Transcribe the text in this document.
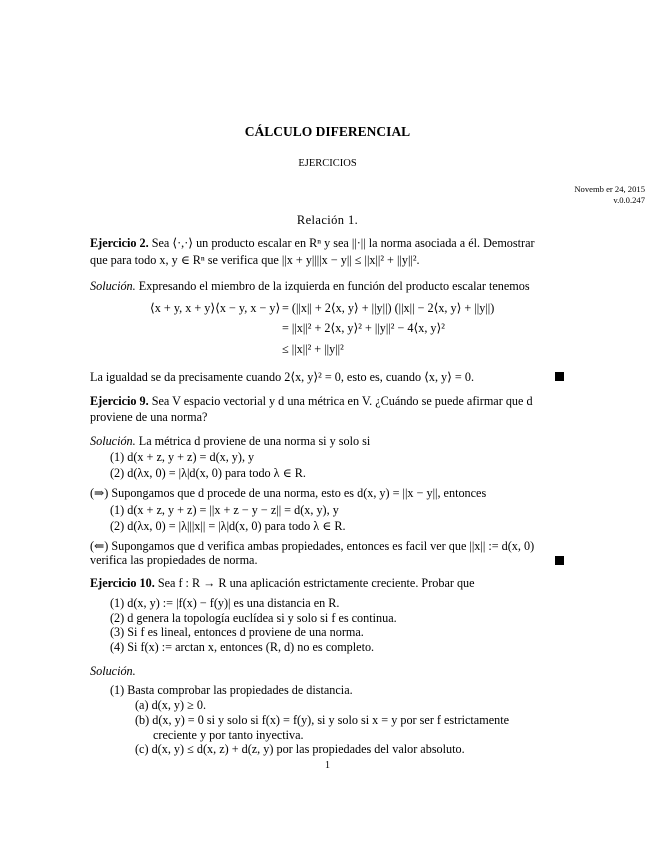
CÁLCULO DIFERENCIAL
EJERCICIOS
Novemb er 24, 2015
v.0.0.247
Relación 1.
Ejercicio 2. Sea ⟨·,·⟩ un producto escalar en Rⁿ y sea ||·|| la norma asociada a él. Demostrar
que para todo x, y ∈ Rⁿ se verifica que ||x + y||||x − y|| ≤ ||x||² + ||y||².
Solución. Expresando el miembro de la izquierda en función del producto escalar tenemos
⟨x + y, x + y⟩⟨x − y, x − y⟩ = (||x|| + 2⟨x, y⟩ + ||y||) (||x|| − 2⟨x, y⟩ + ||y||)
= ||x||² + 2⟨x, y⟩² + ||y||² − 4⟨x, y⟩²
≤ ||x||² + ||y||²
La igualdad se da precisamente cuando 2⟨x, y⟩² = 0, esto es, cuando ⟨x, y⟩ = 0.
Ejercicio 9. Sea V espacio vectorial y d una métrica en V. ¿Cuándo se puede afirmar que d
proviene de una norma?
Solución. La métrica d proviene de una norma si y solo si
(1) d(x + z, y + z) = d(x, y), y
(2) d(λx, 0) = |λ|d(x, 0) para todo λ ∈ R.
(⇒) Supongamos que d procede de una norma, esto es d(x, y) = ||x − y||, entonces
(1) d(x + z, y + z) = ||x + z − y − z|| = d(x, y), y
(2) d(λx, 0) = |λ|||x|| = |λ|d(x, 0) para todo λ ∈ R.
(⇐) Supongamos que d verifica ambas propiedades, entonces es facil ver que ||x|| := d(x, 0)
verifica las propiedades de norma.
Ejercicio 10. Sea f : R → R una aplicación estrictamente creciente. Probar que
(1) d(x, y) := |f(x) − f(y)| es una distancia en R.
(2) d genera la topología euclídea si y solo si f es continua.
(3) Si f es lineal, entonces d proviene de una norma.
(4) Si f(x) := arctan x, entonces (R, d) no es completo.
Solución.
(1) Basta comprobar las propiedades de distancia.
(a) d(x, y) ≥ 0.
(b) d(x, y) = 0 si y solo si f(x) = f(y), si y solo si x = y por ser f estrictamente
creciente y por tanto inyectiva.
(c) d(x, y) ≤ d(x, z) + d(z, y) por las propiedades del valor absoluto.
1
